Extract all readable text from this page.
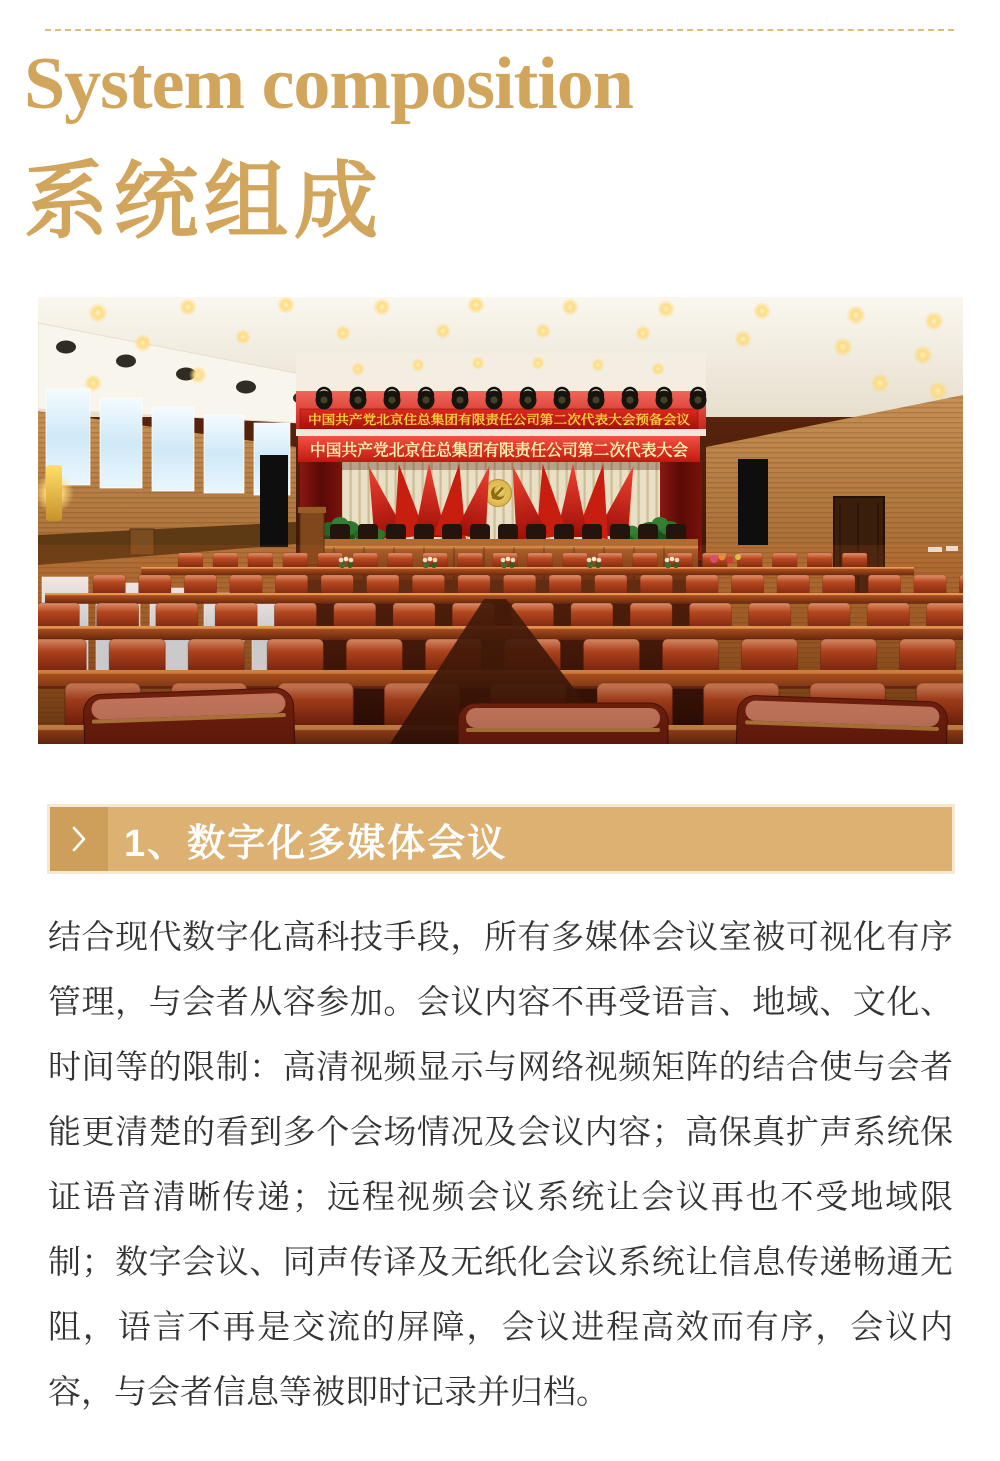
System composition
系统组成
中国共产党北京住总集团有限责任公司第二次代表大会预备会议
中国共产党北京住总集团有限责任公司第二次代表大会
1、数字化多媒体会议

结合现代数字化高科技手段，所有多媒体会议室被可视化有序管理，与会者从容参加。会议内容不再受语言、地域、文化、时间等的限制：高清视频显示与网络视频矩阵的结合使与会者能更清楚的看到多个会场情况及会议内容；高保真扩声系统保证语音清晰传递；远程视频会议系统让会议再也不受地域限制；数字会议、同声传译及无纸化会议系统让信息传递畅通无阻，语言不再是交流的屏障，会议进程高效而有序，会议内容，与会者信息等被即时记录并归档。
